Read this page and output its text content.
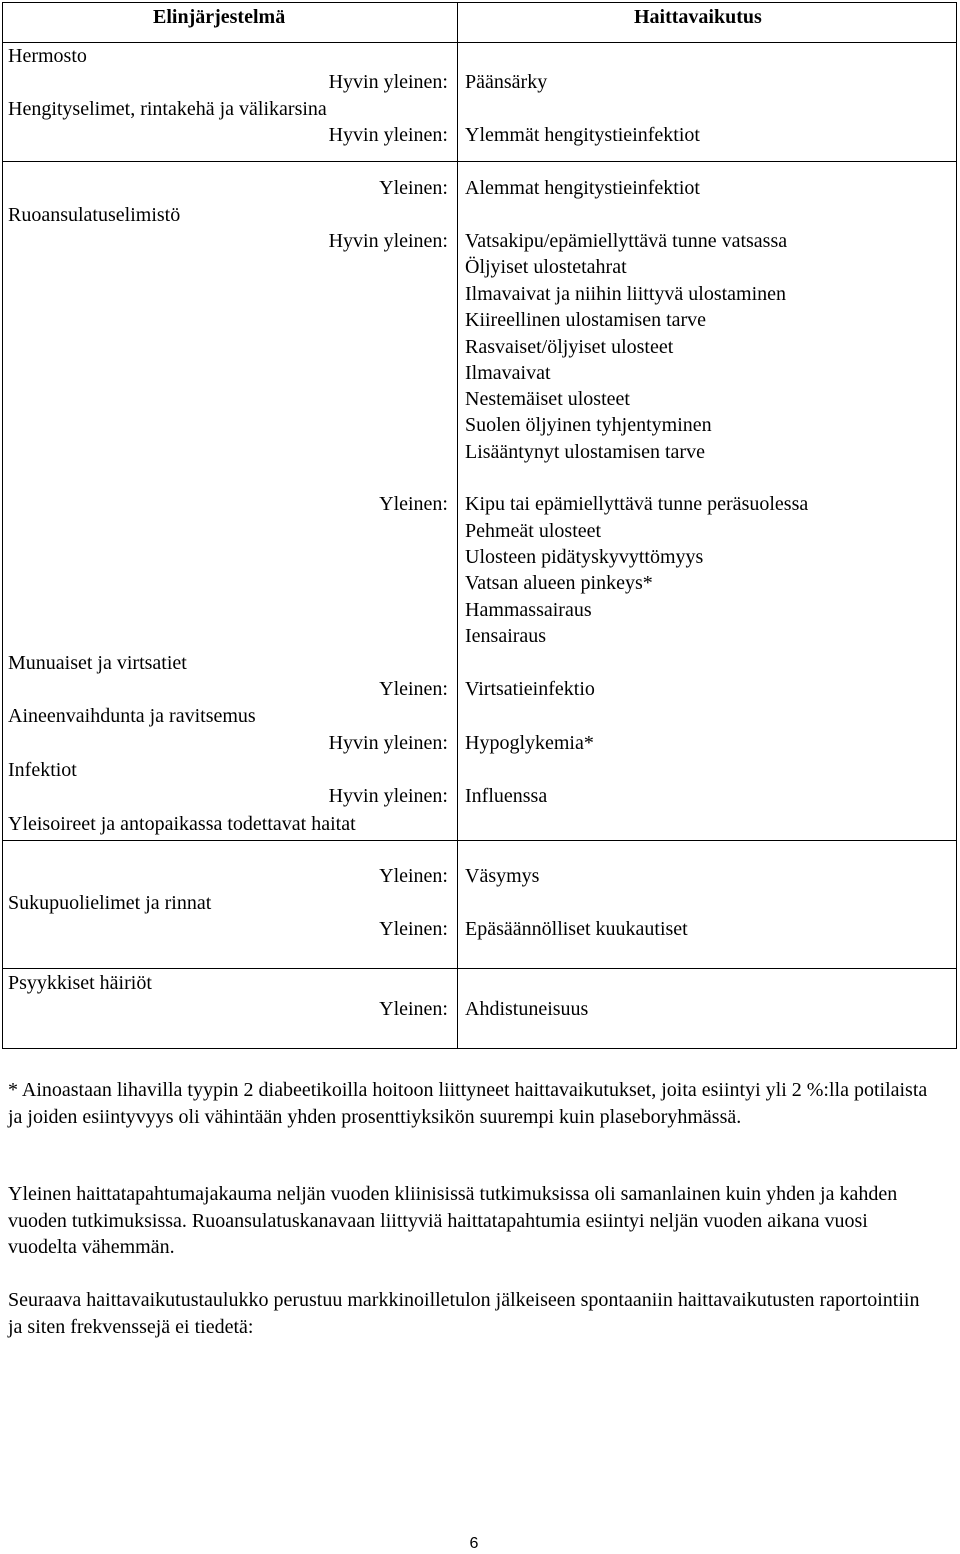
Elinjärjestelmä	Haittavaikutus
Hermosto
Hyvin yleinen: Päänsärky
Hengityselimet, rintakehä ja välikarsina
Hyvin yleinen: Ylemmät hengitystieinfektiot
Yleinen: Alemmat hengitystieinfektiot
Ruoansulatuselimistö
Hyvin yleinen: Vatsakipu/epämiellyttävä tunne vatsassa
Öljyiset ulostetahrat
Ilmavaivat ja niihin liittyvä ulostaminen
Kiireellinen ulostamisen tarve
Rasvaiset/öljyiset ulosteet
Ilmavaivat
Nestemäiset ulosteet
Suolen öljyinen tyhjentyminen
Lisääntynyt ulostamisen tarve
Yleinen: Kipu tai epämiellyttävä tunne peräsuolessa
Pehmeät ulosteet
Ulosteen pidätyskyvyttömyys
Vatsan alueen pinkeys*
Hammassairaus
Iensairaus
Munuaiset ja virtsatiet
Yleinen: Virtsatieinfektio
Aineenvaihdunta ja ravitsemus
Hyvin yleinen: Hypoglykemia*
Infektiot
Hyvin yleinen: Influenssa
Yleisoireet ja antopaikassa todettavat haitat
Yleinen: Väsymys
Sukupuolielimet ja rinnat
Yleinen: Epäsäännölliset kuukautiset
Psyykkiset häiriöt
Yleinen: Ahdistuneisuus

* Ainoastaan lihavilla tyypin 2 diabeetikoilla hoitoon liittyneet haittavaikutukset, joita esiintyi yli 2 %:lla potilaista ja joiden esiintyvyys oli vähintään yhden prosenttiyksikön suurempi kuin plaseboryhmässä.

Yleinen haittatapahtumajakauma neljän vuoden kliinisissä tutkimuksissa oli samanlainen kuin yhden ja kahden vuoden tutkimuksissa. Ruoansulatuskanavaan liittyviä haittatapahtumia esiintyi neljän vuoden aikana vuosi vuodelta vähemmän.

Seuraava haittavaikutustaulukko perustuu markkinoilletulon jälkeiseen spontaaniin haittavaikutusten raportointiin ja siten frekvenssejä ei tiedetä:

6
